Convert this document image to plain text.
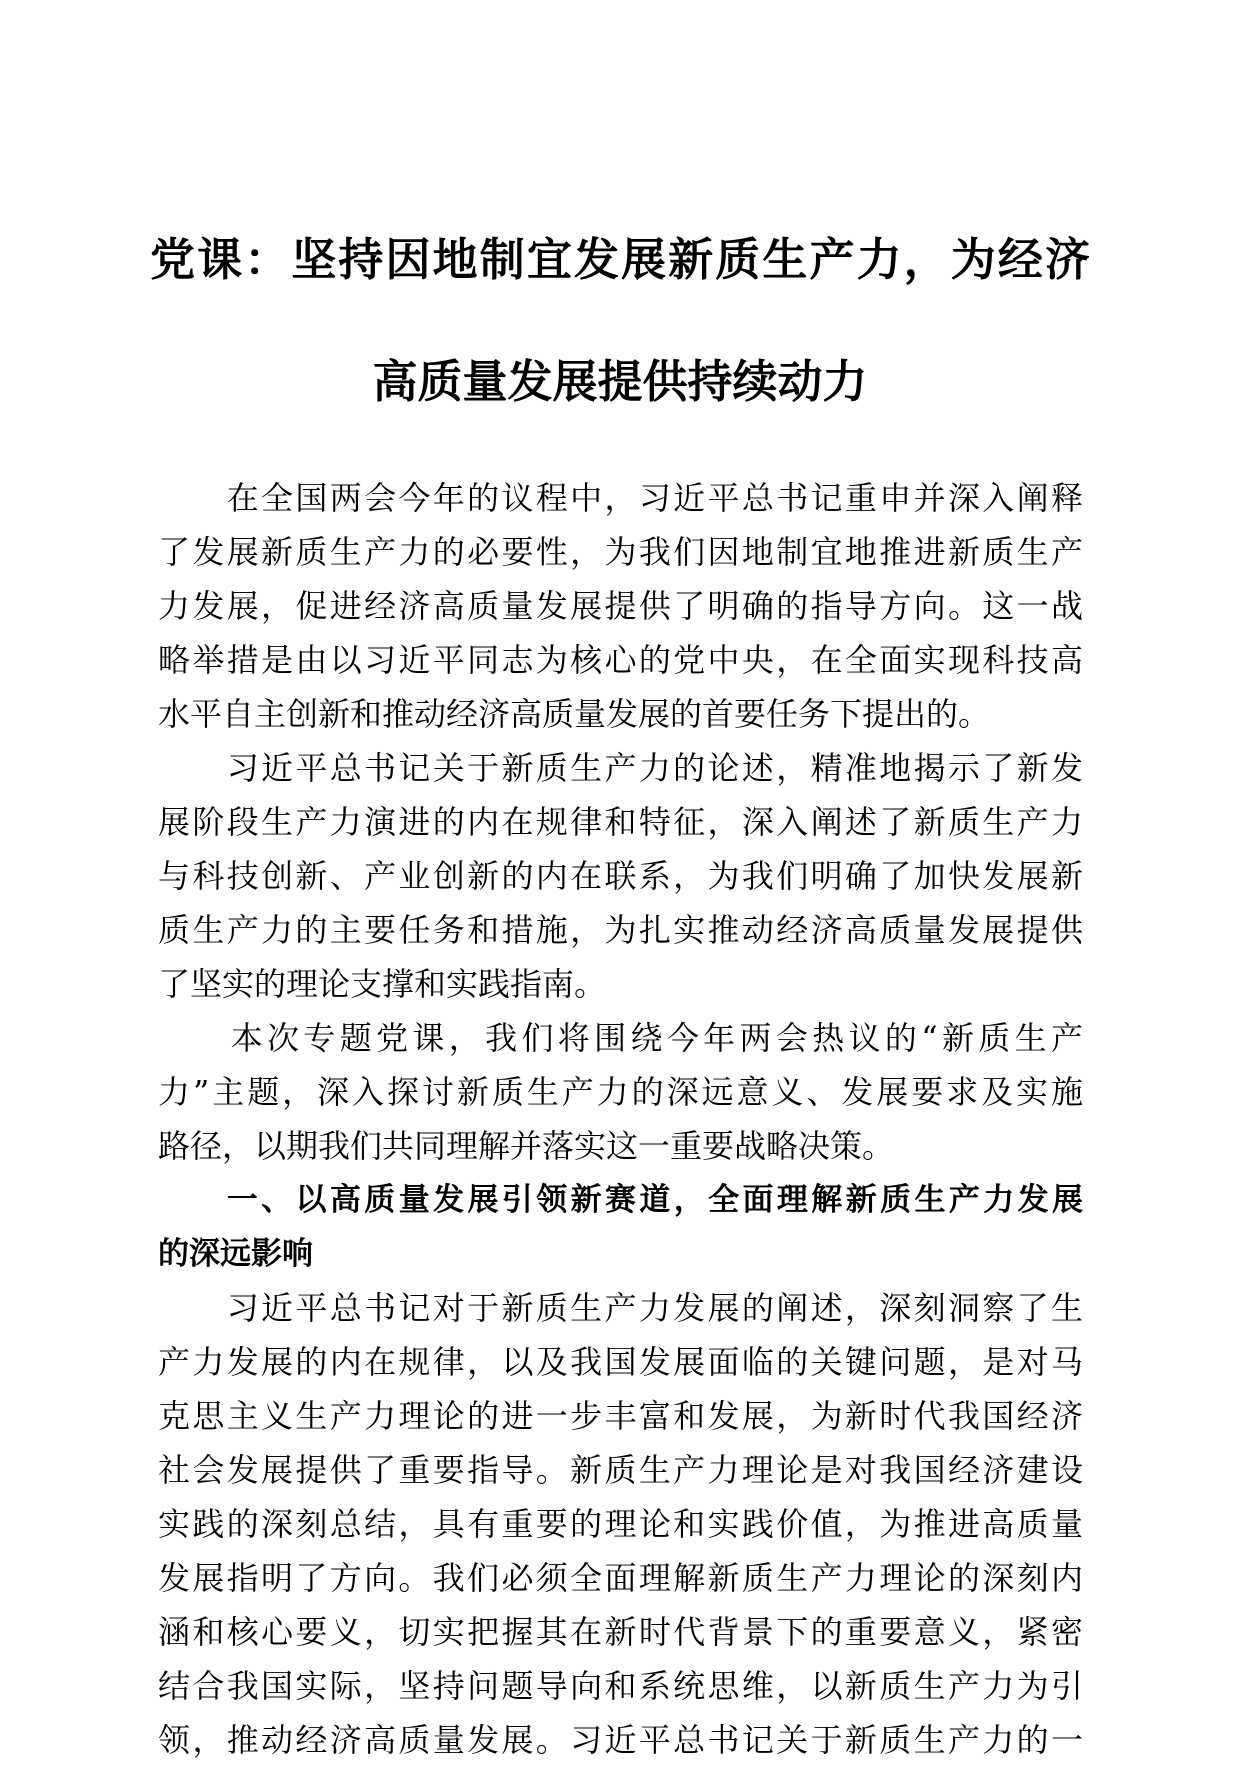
党课：坚持因地制宜发展新质生产力，为经济
高质量发展提供持续动力
　　在全国两会今年的议程中，习近平总书记重申并深入阐释
了发展新质生产力的必要性，为我们因地制宜地推进新质生产
力发展，促进经济高质量发展提供了明确的指导方向。这一战
略举措是由以习近平同志为核心的党中央，在全面实现科技高
水平自主创新和推动经济高质量发展的首要任务下提出的。
　　习近平总书记关于新质生产力的论述，精准地揭示了新发
展阶段生产力演进的内在规律和特征，深入阐述了新质生产力
与科技创新、产业创新的内在联系，为我们明确了加快发展新
质生产力的主要任务和措施，为扎实推动经济高质量发展提供
了坚实的理论支撑和实践指南。
　　本次专题党课，我们将围绕今年两会热议的“新质生产
力”主题，深入探讨新质生产力的深远意义、发展要求及实施
路径，以期我们共同理解并落实这一重要战略决策。
　　一、以高质量发展引领新赛道，全面理解新质生产力发展
的深远影响
　　习近平总书记对于新质生产力发展的阐述，深刻洞察了生
产力发展的内在规律，以及我国发展面临的关键问题，是对马
克思主义生产力理论的进一步丰富和发展，为新时代我国经济
社会发展提供了重要指导。新质生产力理论是对我国经济建设
实践的深刻总结，具有重要的理论和实践价值，为推进高质量
发展指明了方向。我们必须全面理解新质生产力理论的深刻内
涵和核心要义，切实把握其在新时代背景下的重要意义，紧密
结合我国实际，坚持问题导向和系统思维，以新质生产力为引
领，推动经济高质量发展。习近平总书记关于新质生产力的一
